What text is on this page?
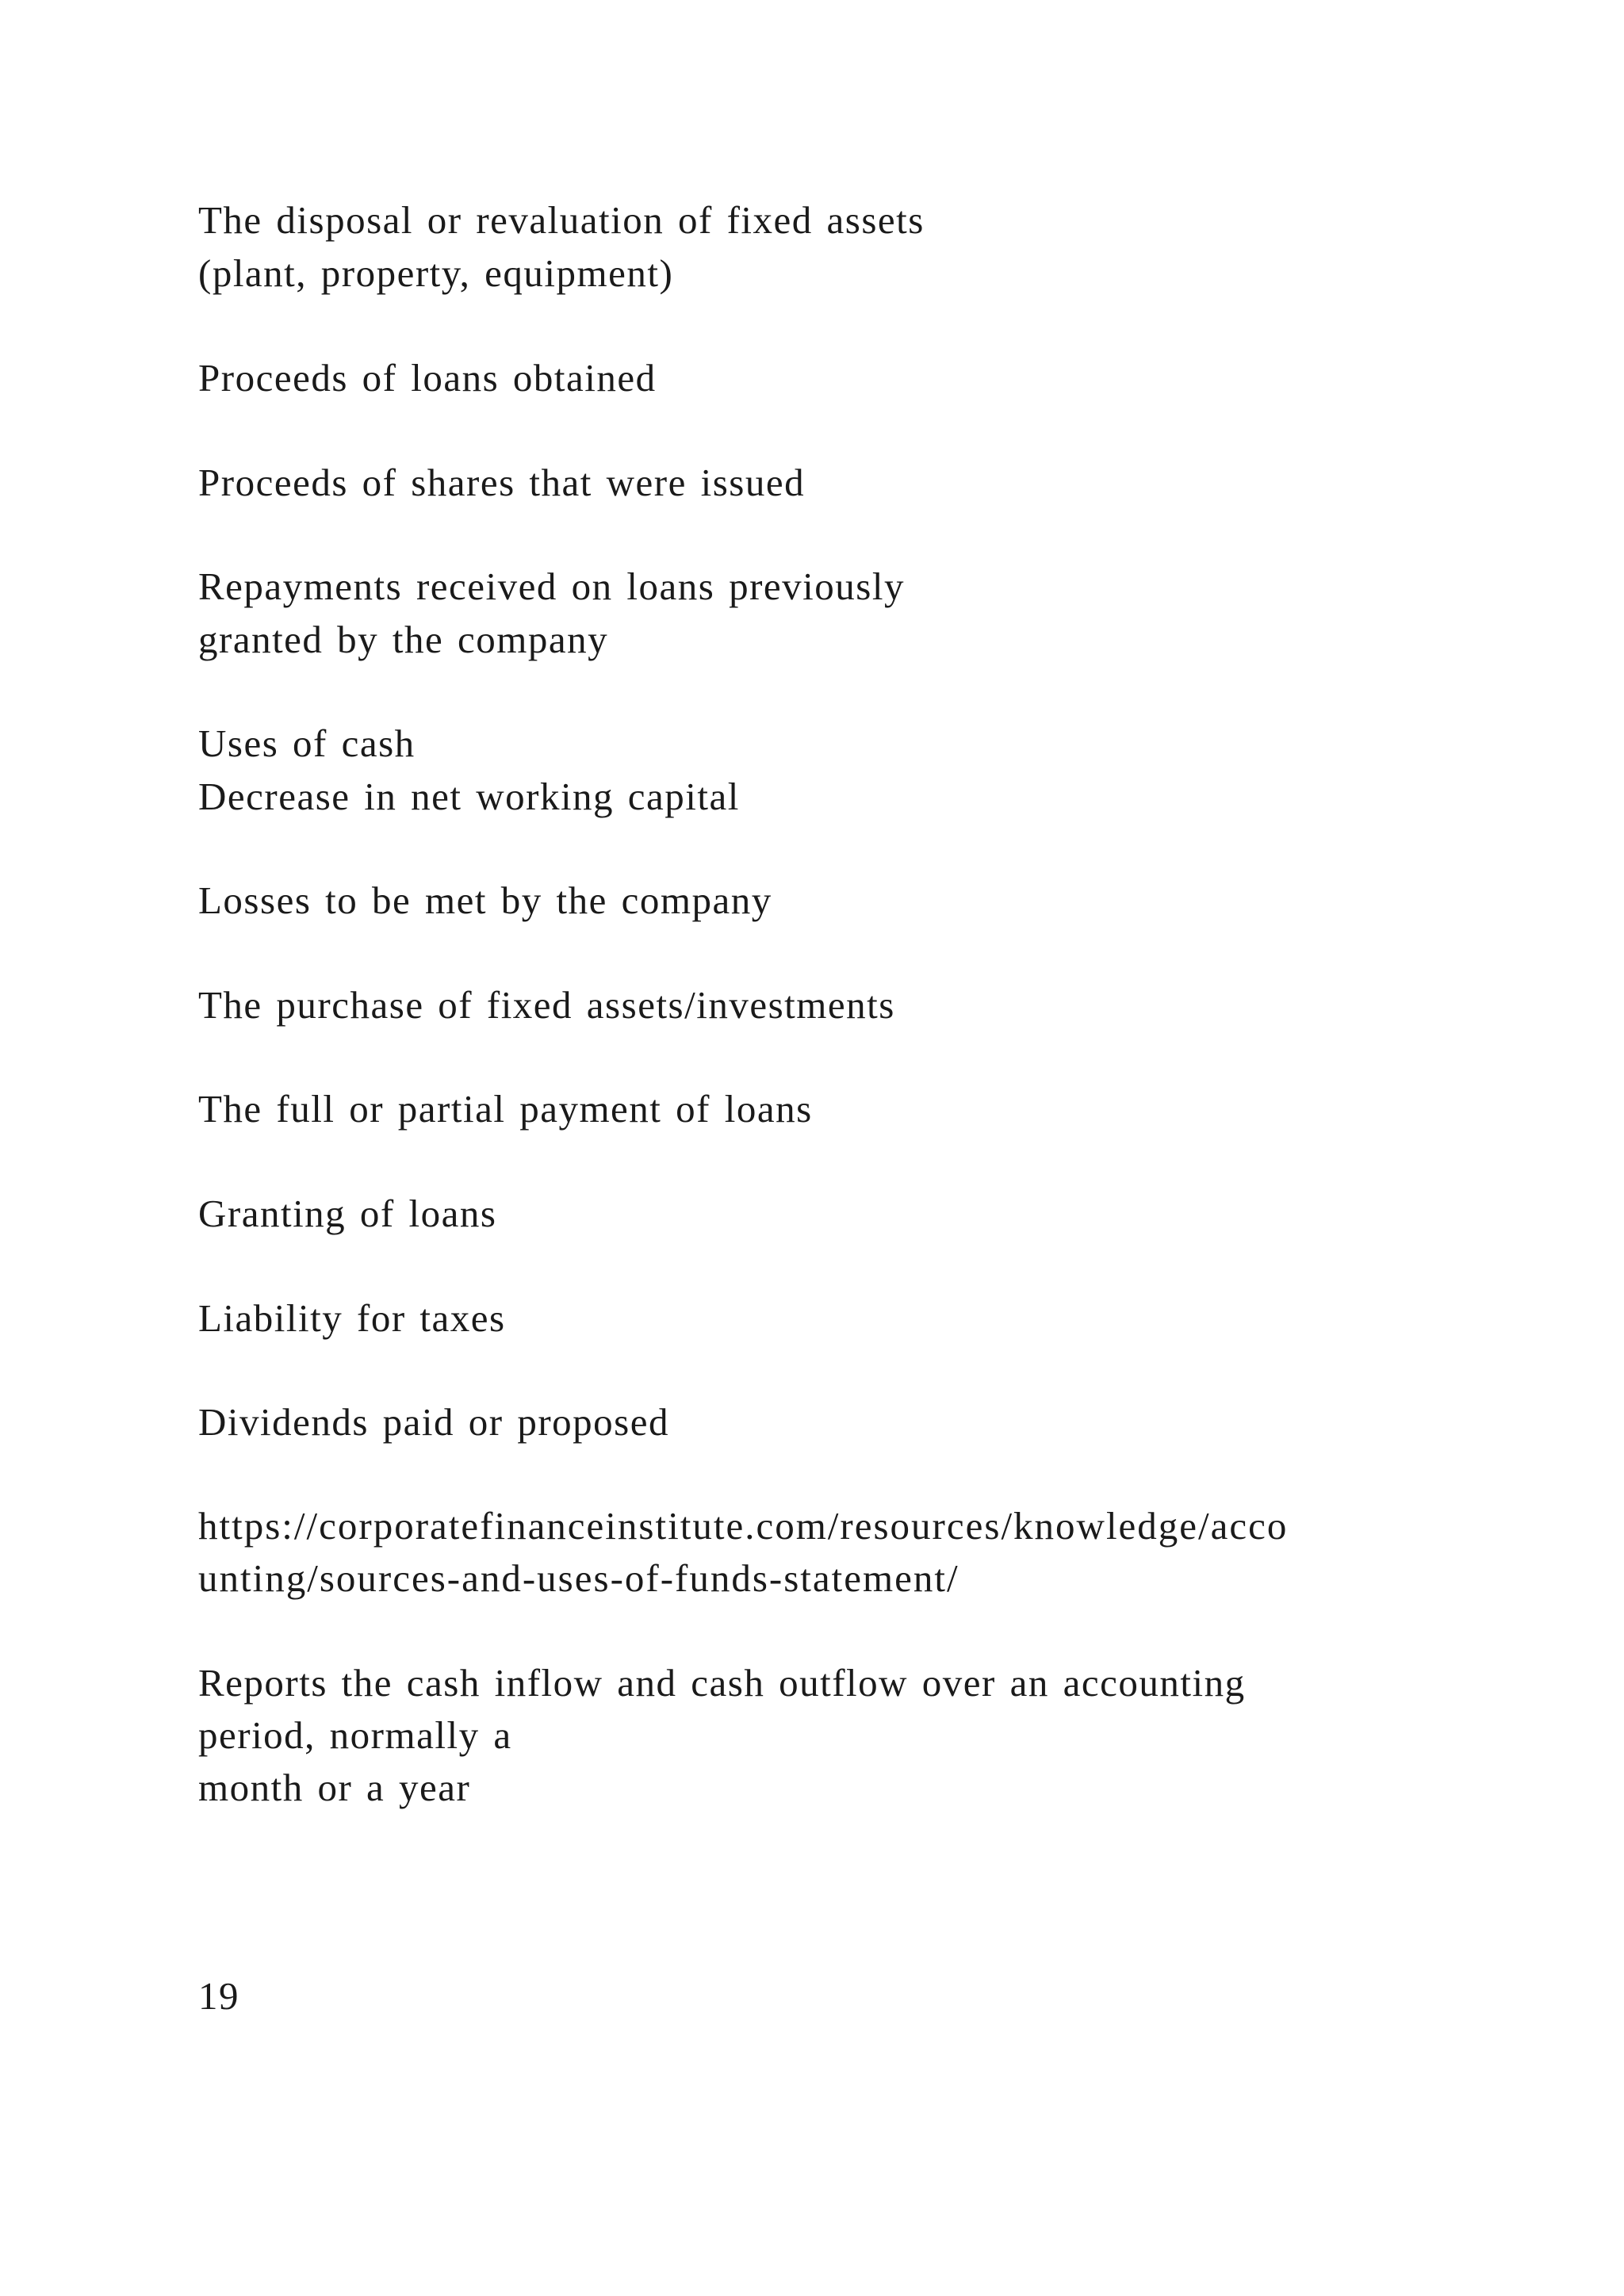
The disposal or revaluation of fixed assets
(plant, property, equipment)
Proceeds of loans obtained
Proceeds of shares that were issued
Repayments received on loans previously
granted by the company
Uses of cash
Decrease in net working capital
Losses to be met by the company
The purchase of fixed assets/investments
The full or partial payment of loans
Granting of loans
Liability for taxes
Dividends paid or proposed
https://corporatefinanceinstitute.com/resources/knowledge/acco
unting/sources-and-uses-of-funds-statement/
Reports the cash inflow and cash outflow over an accounting
period, normally a
month or a year
19
